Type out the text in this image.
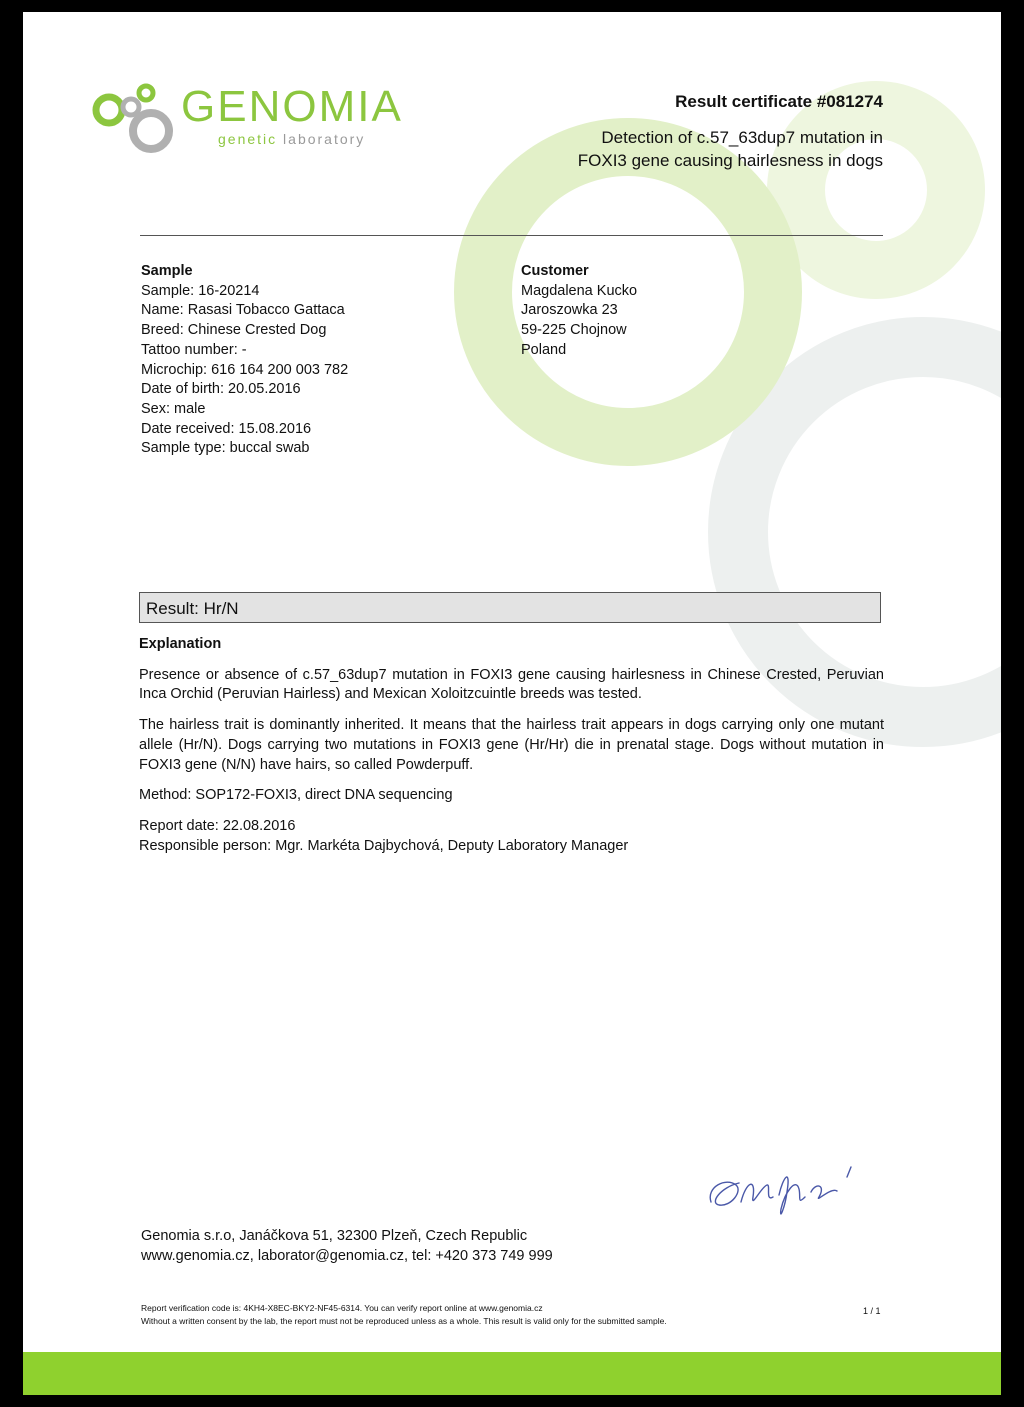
GENOMIA
genetic laboratory
Result certificate #081274
Detection of c.57_63dup7 mutation in
FOXI3 gene causing hairlesness in dogs
Sample
Sample: 16-20214
Name: Rasasi Tobacco Gattaca
Breed: Chinese Crested Dog
Tattoo number: -
Microchip: 616 164 200 003 782
Date of birth: 20.05.2016
Sex: male
Date received: 15.08.2016
Sample type: buccal swab
Customer
Magdalena Kucko
Jaroszowka 23
59-225 Chojnow
Poland
Result: Hr/N
Explanation

Presence or absence of c.57_63dup7 mutation in FOXI3 gene causing hairlesness in Chinese Crested, Peruvian Inca Orchid (Peruvian Hairless) and Mexican Xoloitzcuintle breeds was tested.

The hairless trait is dominantly inherited. It means that the hairless trait appears in dogs carrying only one mutant allele (Hr/N). Dogs carrying two mutations in FOXI3 gene (Hr/Hr) die in prenatal stage. Dogs without mutation in FOXI3 gene (N/N) have hairs, so called Powderpuff.

Method: SOP172-FOXI3, direct DNA sequencing

Report date: 22.08.2016
Responsible person: Mgr. Markéta Dajbychová, Deputy Laboratory Manager
Genomia s.r.o, Janáčkova 51, 32300 Plzeň, Czech Republic
www.genomia.cz, laborator@genomia.cz, tel: +420 373 749 999
Report verification code is: 4KH4-X8EC-BKY2-NF45-6314. You can verify report online at www.genomia.cz
Without a written consent by the lab, the report must not be reproduced unless as a whole. This result is valid only for the submitted sample.
1 / 1
